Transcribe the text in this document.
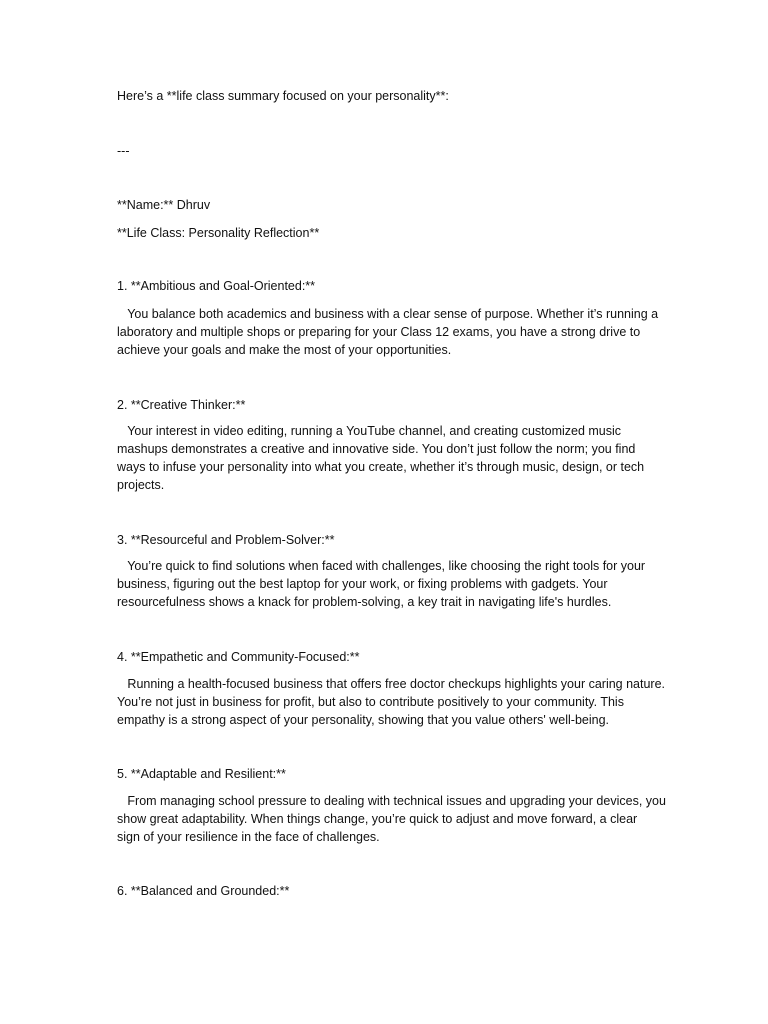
Here’s a **life class summary focused on your personality**:
---
**Name:** Dhruv
**Life Class: Personality Reflection**
1. **Ambitious and Goal-Oriented:**
You balance both academics and business with a clear sense of purpose. Whether it’s running a
laboratory and multiple shops or preparing for your Class 12 exams, you have a strong drive to
achieve your goals and make the most of your opportunities.
2. **Creative Thinker:**
Your interest in video editing, running a YouTube channel, and creating customized music
mashups demonstrates a creative and innovative side. You don’t just follow the norm; you find
ways to infuse your personality into what you create, whether it’s through music, design, or tech
projects.
3. **Resourceful and Problem-Solver:**
You’re quick to find solutions when faced with challenges, like choosing the right tools for your
business, figuring out the best laptop for your work, or fixing problems with gadgets. Your
resourcefulness shows a knack for problem-solving, a key trait in navigating life's hurdles.
4. **Empathetic and Community-Focused:**
Running a health-focused business that offers free doctor checkups highlights your caring nature.
You’re not just in business for profit, but also to contribute positively to your community. This
empathy is a strong aspect of your personality, showing that you value others' well-being.
5. **Adaptable and Resilient:**
From managing school pressure to dealing with technical issues and upgrading your devices, you
show great adaptability. When things change, you’re quick to adjust and move forward, a clear
sign of your resilience in the face of challenges.
6. **Balanced and Grounded:**
